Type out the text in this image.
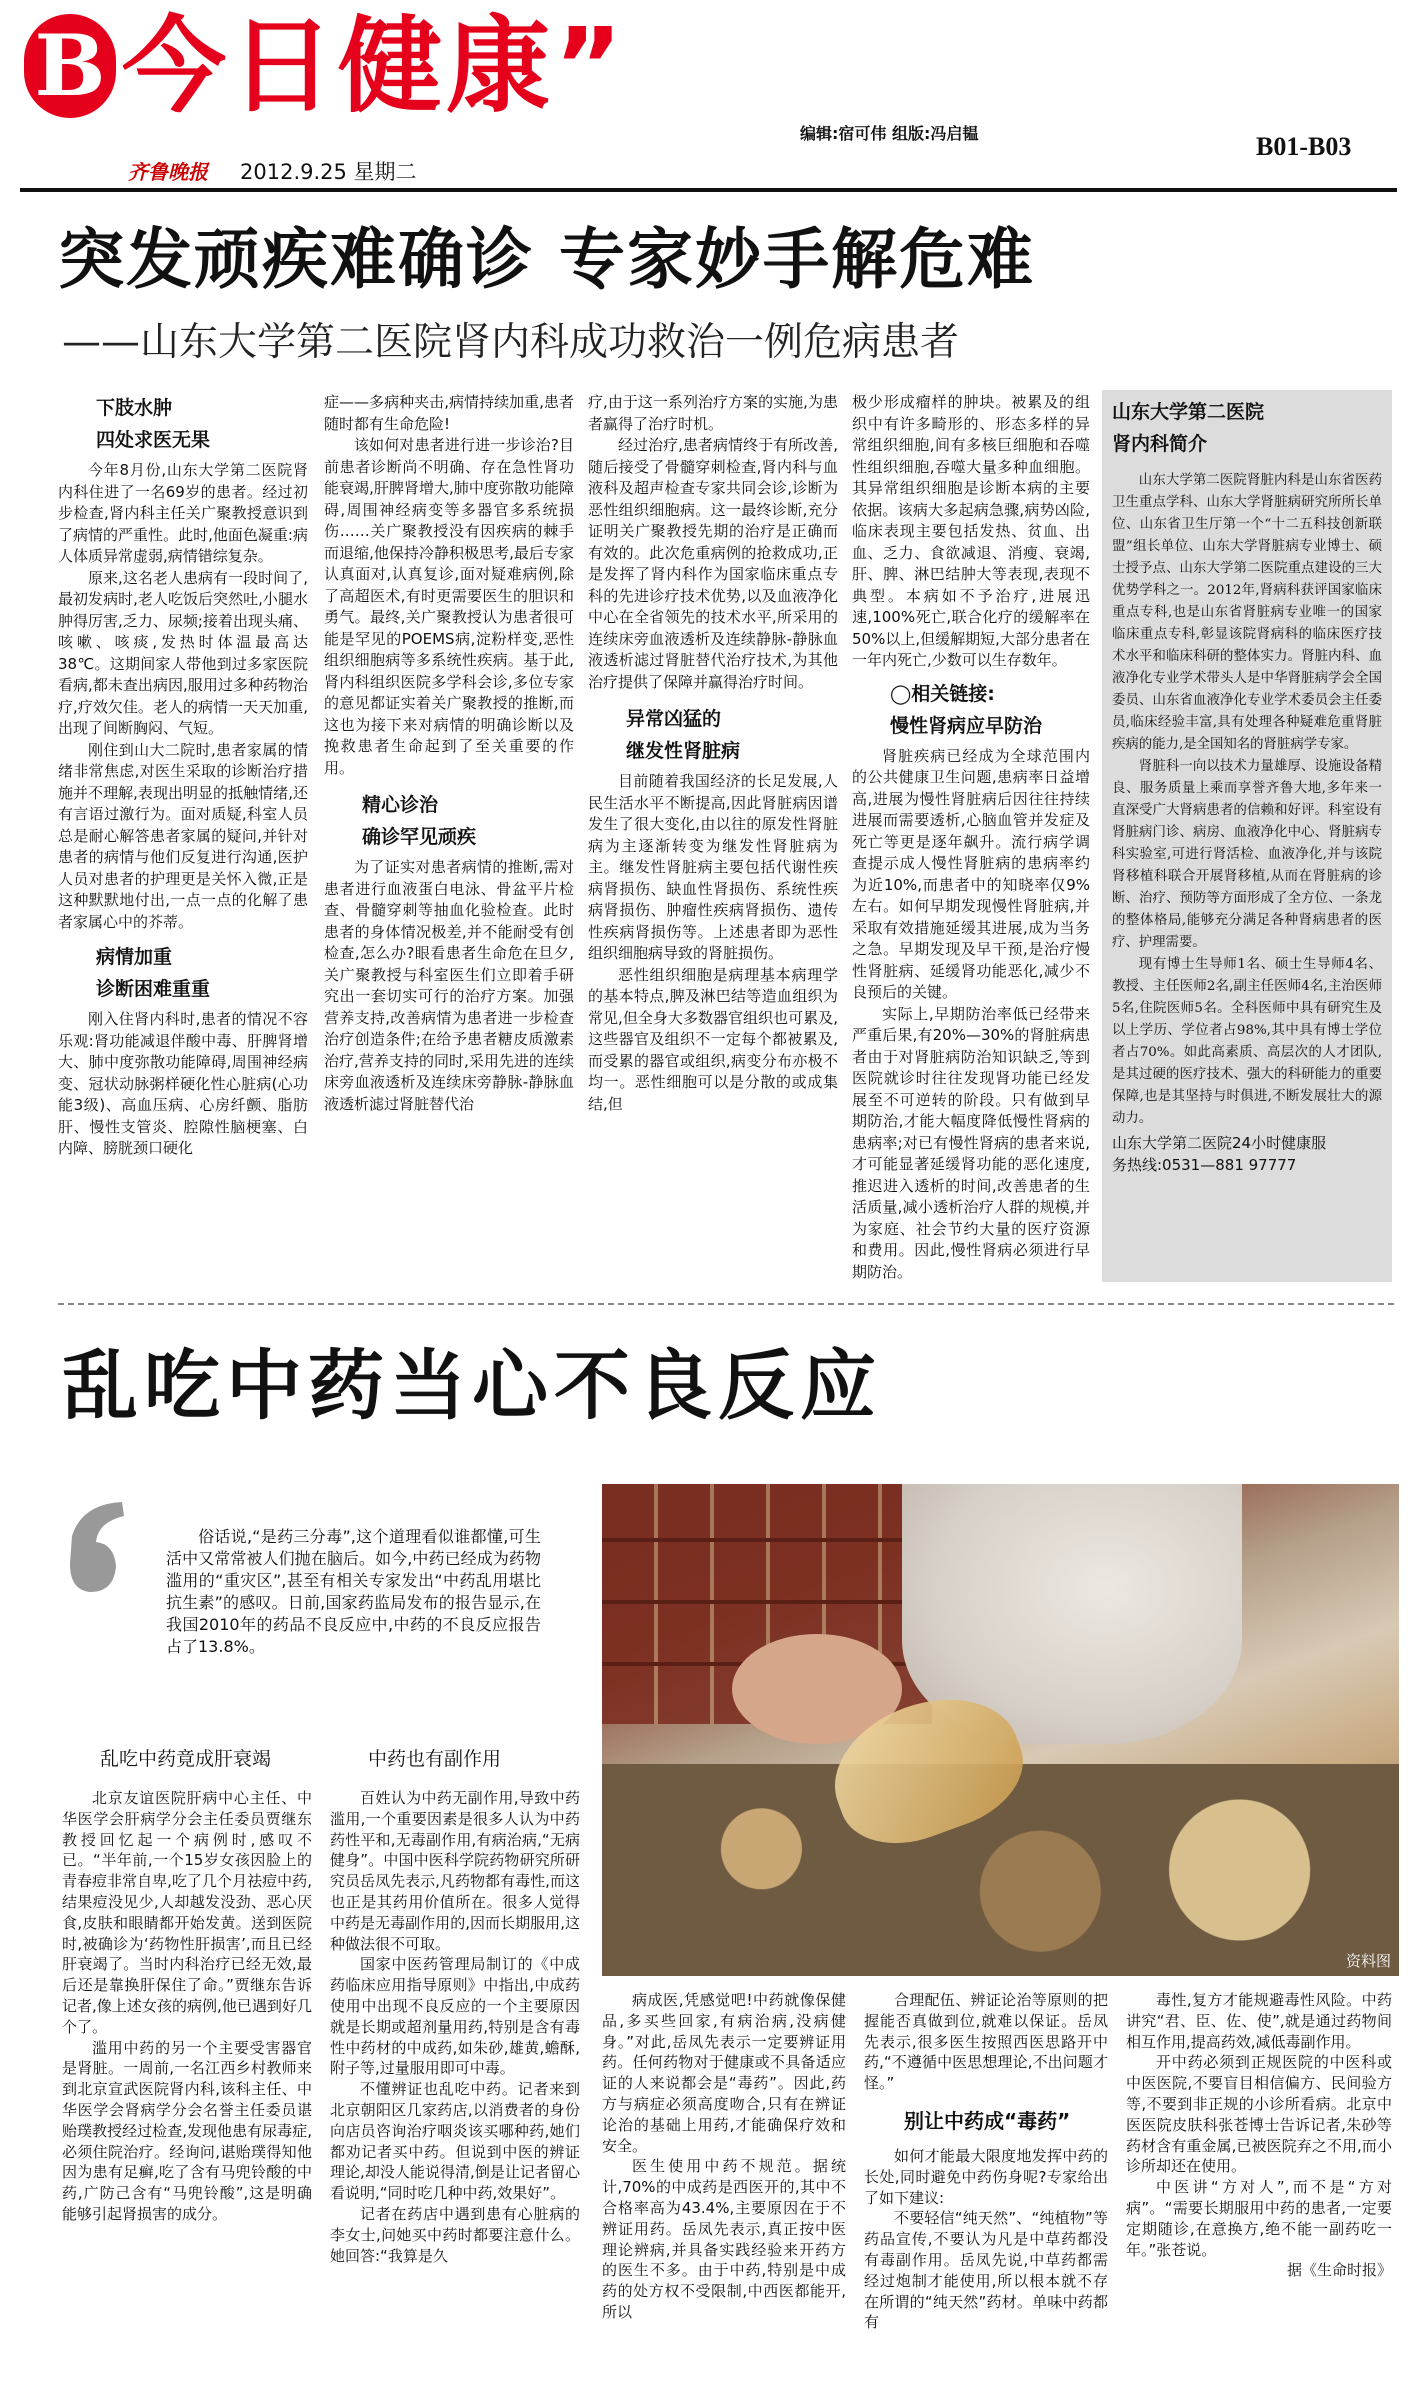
B 今日健康”
编辑:宿可伟 组版:冯启韫
齐鲁晚报 2012.9.25 星期二
B01-B03
突发顽疾难确诊 专家妙手解危难
——山东大学第二医院肾内科成功救治一例危病患者

下肢水肿

四处求医无果

今年8月份,山东大学第二医院肾内科住进了一名69岁的患者。经过初步检查,肾内科主任关广聚教授意识到了病情的严重性。此时,他面色凝重:病人体质异常虚弱,病情错综复杂。

原来,这名老人患病有一段时间了,最初发病时,老人吃饭后突然吐,小腿水肿得厉害,乏力、尿频;接着出现头痛、咳嗽、咳痰,发热时体温最高达38℃。这期间家人带他到过多家医院看病,都未查出病因,服用过多种药物治疗,疗效欠佳。老人的病情一天天加重,出现了间断胸闷、气短。

刚住到山大二院时,患者家属的情绪非常焦虑,对医生采取的诊断治疗措施并不理解,表现出明显的抵触情绪,还有言语过激行为。面对质疑,科室人员总是耐心解答患者家属的疑问,并针对患者的病情与他们反复进行沟通,医护人员对患者的护理更是关怀入微,正是这种默默地付出,一点一点的化解了患者家属心中的芥蒂。

病情加重

诊断困难重重

刚入住肾内科时,患者的情况不容乐观:肾功能减退伴酸中毒、肝脾肾增大、肺中度弥散功能障碍,周围神经病变、冠状动脉粥样硬化性心脏病(心功能3级)、高血压病、心房纤颤、脂肪肝、慢性支管炎、腔隙性脑梗塞、白内障、膀胱颈口硬化

症——多病种夹击,病情持续加重,患者随时都有生命危险!

该如何对患者进行进一步诊治?目前患者诊断尚不明确、存在急性肾功能衰竭,肝脾肾增大,肺中度弥散功能障碍,周围神经病变等多器官多系统损伤……关广聚教授没有因疾病的棘手而退缩,他保持冷静积极思考,最后专家认真面对,认真复诊,面对疑难病例,除了高超医术,有时更需要医生的胆识和勇气。最终,关广聚教授认为患者很可能是罕见的POEMS病,淀粉样变,恶性组织细胞病等多系统性疾病。基于此,肾内科组织医院多学科会诊,多位专家的意见都证实着关广聚教授的推断,而这也为接下来对病情的明确诊断以及挽救患者生命起到了至关重要的作用。

精心诊治

确诊罕见顽疾

为了证实对患者病情的推断,需对患者进行血液蛋白电泳、骨盆平片检查、骨髓穿刺等抽血化验检查。此时患者的身体情况极差,并不能耐受有创检查,怎么办?眼看患者生命危在旦夕,关广聚教授与科室医生们立即着手研究出一套切实可行的治疗方案。加强营养支持,改善病情为患者进一步检查治疗创造条件;在给予患者糖皮质激素治疗,营养支持的同时,采用先进的连续床旁血液透析及连续床旁静脉-静脉血液透析滤过肾脏替代治

疗,由于这一系列治疗方案的实施,为患者赢得了治疗时机。

经过治疗,患者病情终于有所改善,随后接受了骨髓穿刺检查,肾内科与血液科及超声检查专家共同会诊,诊断为恶性组织细胞病。这一最终诊断,充分证明关广聚教授先期的治疗是正确而有效的。此次危重病例的抢救成功,正是发挥了肾内科作为国家临床重点专科的先进诊疗技术优势,以及血液净化中心在全省领先的技术水平,所采用的连续床旁血液透析及连续静脉-静脉血液透析滤过肾脏替代治疗技术,为其他治疗提供了保障并赢得治疗时间。

异常凶猛的

继发性肾脏病

目前随着我国经济的长足发展,人民生活水平不断提高,因此肾脏病因谱发生了很大变化,由以往的原发性肾脏病为主逐渐转变为继发性肾脏病为主。继发性肾脏病主要包括代谢性疾病肾损伤、缺血性肾损伤、系统性疾病肾损伤、肿瘤性疾病肾损伤、遗传性疾病肾损伤等。上述患者即为恶性组织细胞病导致的肾脏损伤。

恶性组织细胞是病理基本病理学的基本特点,脾及淋巴结等造血组织为常见,但全身大多数器官组织也可累及,这些器官及组织不一定每个都被累及,而受累的器官或组织,病变分布亦极不均一。恶性细胞可以是分散的或成集结,但

极少形成瘤样的肿块。被累及的组织中有许多畸形的、形态多样的异常组织细胞,间有多核巨细胞和吞噬性组织细胞,吞噬大量多种血细胞。其异常组织细胞是诊断本病的主要依据。该病大多起病急骤,病势凶险,临床表现主要包括发热、贫血、出血、乏力、食欲减退、消瘦、衰竭,肝、脾、淋巴结肿大等表现,表现不典型。本病如不予治疗,进展迅速,100%死亡,联合化疗的缓解率在50%以上,但缓解期短,大部分患者在一年内死亡,少数可以生存数年。

◯相关链接:

慢性肾病应早防治

肾脏疾病已经成为全球范围内的公共健康卫生问题,患病率日益增高,进展为慢性肾脏病后因往往持续进展而需要透析,心脑血管并发症及死亡等更是逐年飙升。流行病学调查提示成人慢性肾脏病的患病率约为近10%,而患者中的知晓率仅9%左右。如何早期发现慢性肾脏病,并采取有效措施延缓其进展,成为当务之急。早期发现及早干预,是治疗慢性肾脏病、延缓肾功能恶化,减少不良预后的关键。

实际上,早期防治率低已经带来严重后果,有20%—30%的肾脏病患者由于对肾脏病防治知识缺乏,等到医院就诊时往往发现肾功能已经发展至不可逆转的阶段。只有做到早期防治,才能大幅度降低慢性肾病的患病率;对已有慢性肾病的患者来说,才可能显著延缓肾功能的恶化速度,推迟进入透析的时间,改善患者的生活质量,减小透析治疗人群的规模,并为家庭、社会节约大量的医疗资源和费用。因此,慢性肾病必须进行早期防治。

山东大学第二医院
肾内科简介

山东大学第二医院肾脏内科是山东省医药卫生重点学科、山东大学肾脏病研究所所长单位、山东省卫生厅第一个“十二五科技创新联盟”组长单位、山东大学肾脏病专业博士、硕士授予点、山东大学第二医院重点建设的三大优势学科之一。2012年,肾病科获评国家临床重点专科,也是山东省肾脏病专业唯一的国家临床重点专科,彰显该院肾病科的临床医疗技术水平和临床科研的整体实力。肾脏内科、血液净化专业学术带头人是中华肾脏病学会全国委员、山东省血液净化专业学术委员会主任委员,临床经验丰富,具有处理各种疑难危重肾脏疾病的能力,是全国知名的肾脏病学专家。

肾脏科一向以技术力量雄厚、设施设备精良、服务质量上乘而享誉齐鲁大地,多年来一直深受广大肾病患者的信赖和好评。科室设有肾脏病门诊、病房、血液净化中心、肾脏病专科实验室,可进行肾活检、血液净化,并与该院肾移植科联合开展肾移植,从而在肾脏病的诊断、治疗、预防等方面形成了全方位、一条龙的整体格局,能够充分满足各种肾病患者的医疗、护理需要。

现有博士生导师1名、硕士生导师4名、教授、主任医师2名,副主任医师4名,主治医师5名,住院医师5名。全科医师中具有研究生及以上学历、学位者占98%,其中具有博士学位者占70%。如此高素质、高层次的人才团队,是其过硬的医疗技术、强大的科研能力的重要保障,也是其坚持与时俱进,不断发展壮大的源动力。

山东大学第二医院24小时健康服
务热线:0531—881 97777
乱吃中药当心不良反应

俗话说,“是药三分毒”,这个道理看似谁都懂,可生活中又常常被人们抛在脑后。如今,中药已经成为药物滥用的“重灾区”,甚至有相关专家发出“中药乱用堪比抗生素”的感叹。日前,国家药监局发布的报告显示,在我国2010年的药品不良反应中,中药的不良反应报告占了13.8%。

资料图

乱吃中药竟成肝衰竭

北京友谊医院肝病中心主任、中华医学会肝病学分会主任委员贾继东教授回忆起一个病例时,感叹不已。“半年前,一个15岁女孩因脸上的青春痘非常自卑,吃了几个月祛痘中药,结果痘没见少,人却越发没劲、恶心厌食,皮肤和眼睛都开始发黄。送到医院时,被确诊为‘药物性肝损害’,而且已经肝衰竭了。当时内科治疗已经无效,最后还是靠换肝保住了命。”贾继东告诉记者,像上述女孩的病例,他已遇到好几个了。

滥用中药的另一个主要受害器官是肾脏。一周前,一名江西乡村教师来到北京宣武医院肾内科,该科主任、中华医学会肾病学分会名誉主任委员谌贻璞教授经过检查,发现他患有尿毒症,必须住院治疗。经询问,谌贻璞得知他因为患有足癣,吃了含有马兜铃酸的中药,广防己含有“马兜铃酸”,这是明确能够引起肾损害的成分。

中药也有副作用

百姓认为中药无副作用,导致中药滥用,一个重要因素是很多人认为中药药性平和,无毒副作用,有病治病,“无病健身”。中国中医科学院药物研究所研究员岳凤先表示,凡药物都有毒性,而这也正是其药用价值所在。很多人觉得中药是无毒副作用的,因而长期服用,这种做法很不可取。

国家中医药管理局制订的《中成药临床应用指导原则》中指出,中成药使用中出现不良反应的一个主要原因就是长期或超剂量用药,特别是含有毒性中药材的中成药,如朱砂,雄黄,蟾酥,附子等,过量服用即可中毒。

不懂辨证也乱吃中药。记者来到北京朝阳区几家药店,以消费者的身份向店员咨询治疗咽炎该买哪种药,她们都劝记者买中药。但说到中医的辨证理论,却没人能说得清,倒是让记者留心看说明,“同时吃几种中药,效果好”。

记者在药店中遇到患有心脏病的李女士,问她买中药时都要注意什么。她回答:“我算是久

病成医,凭感觉吧!中药就像保健品,多买些回家,有病治病,没病健身。”对此,岳凤先表示一定要辨证用药。任何药物对于健康或不具备适应证的人来说都会是“毒药”。因此,药方与病症必须高度吻合,只有在辨证论治的基础上用药,才能确保疗效和安全。

医生使用中药不规范。据统计,70%的中成药是西医开的,其中不合格率高为43.4%,主要原因在于不辨证用药。岳凤先表示,真正按中医理论辨病,并具备实践经验来开药方的医生不多。由于中药,特别是中成药的处方权不受限制,中西医都能开,所以

合理配伍、辨证论治等原则的把握能否真做到位,就难以保证。岳凤先表示,很多医生按照西医思路开中药,“不遵循中医思想理论,不出问题才怪。”

别让中药成“毒药”

如何才能最大限度地发挥中药的长处,同时避免中药伤身呢?专家给出了如下建议:

不要轻信“纯天然”、“纯植物”等药品宣传,不要认为凡是中草药都没有毒副作用。岳凤先说,中草药都需经过炮制才能使用,所以根本就不存在所谓的“纯天然”药材。单味中药都有

毒性,复方才能规避毒性风险。中药讲究“君、臣、佐、使”,就是通过药物间相互作用,提高药效,减低毒副作用。

开中药必须到正规医院的中医科或中医医院,不要盲目相信偏方、民间验方等,不要到非正规的小诊所看病。北京中医医院皮肤科张苍博士告诉记者,朱砂等药材含有重金属,已被医院弃之不用,而小诊所却还在使用。

中医讲“方对人”,而不是“方对病”。“需要长期服用中药的患者,一定要定期随诊,在意换方,绝不能一副药吃一年。”张苍说。

据《生命时报》
